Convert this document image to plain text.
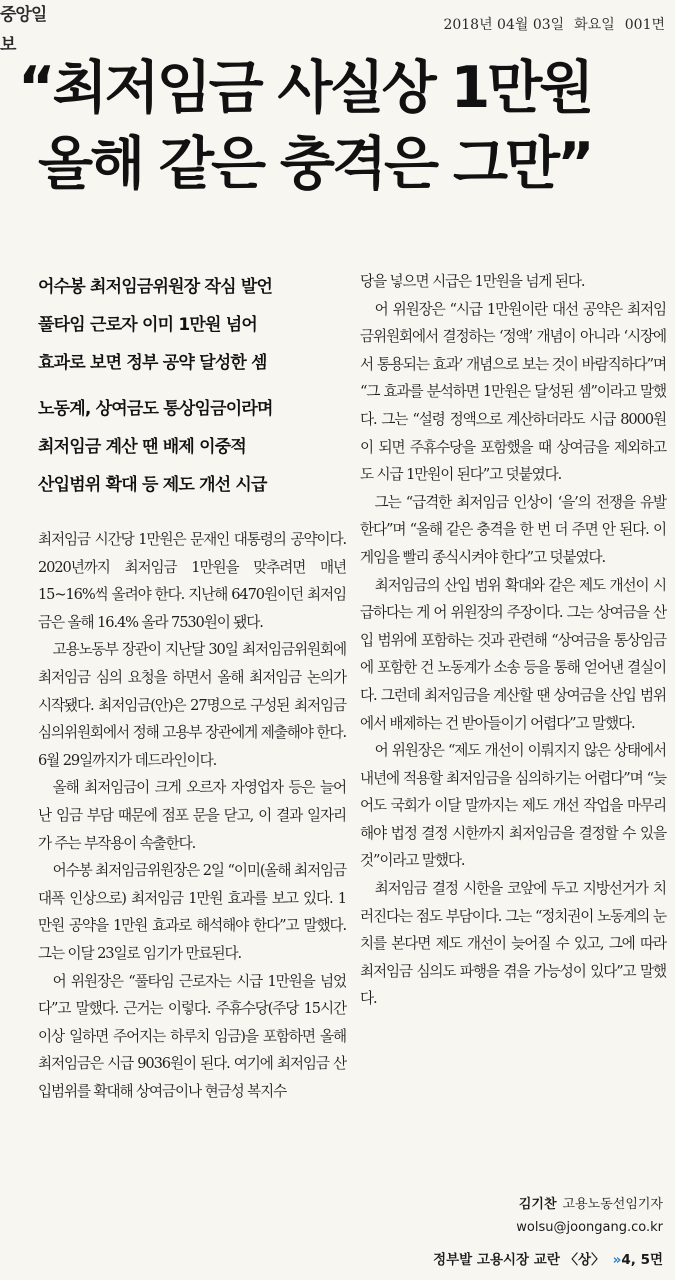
중앙일보
2018년 04월 03일 화요일 001면
“최저임금 사실상 1만원
올해 같은 충격은 그만”
어수봉 최저임금위원장 작심 발언
풀타임 근로자 이미 1만원 넘어
효과로 보면 정부 공약 달성한 셈
노동계, 상여금도 통상임금이라며
최저임금 계산 땐 배제 이중적
산입범위 확대 등 제도 개선 시급

최저임금 시간당 1만원은 문재인 대통령의 공약이다. 2020년까지 최저임금 1만원을 맞추려면 매년 15~16%씩 올려야 한다. 지난해 6470원이던 최저임금은 올해 16.4% 올라 7530원이 됐다.

고용노동부 장관이 지난달 30일 최저임금위원회에 최저임금 심의 요청을 하면서 올해 최저임금 논의가 시작됐다. 최저임금(안)은 27명으로 구성된 최저임금심의위원회에서 정해 고용부 장관에게 제출해야 한다. 6월 29일까지가 데드라인이다.

올해 최저임금이 크게 오르자 자영업자 등은 늘어난 임금 부담 때문에 점포 문을 닫고, 이 결과 일자리가 주는 부작용이 속출한다.

어수봉 최저임금위원장은 2일 “이미(올해 최저임금 대폭 인상으로) 최저임금 1만원 효과를 보고 있다. 1만원 공약을 1만원 효과로 해석해야 한다”고 말했다. 그는 이달 23일로 임기가 만료된다.

어 위원장은 “풀타임 근로자는 시급 1만원을 넘었다”고 말했다. 근거는 이렇다. 주휴수당(주당 15시간 이상 일하면 주어지는 하루치 임금)을 포함하면 올해 최저임금은 시급 9036원이 된다. 여기에 최저임금 산입범위를 확대해 상여금이나 현금성 복지수

당을 넣으면 시급은 1만원을 넘게 된다.

어 위원장은 “시급 1만원이란 대선 공약은 최저임금위원회에서 결정하는 ‘정액’ 개념이 아니라 ‘시장에서 통용되는 효과’ 개념으로 보는 것이 바람직하다”며 “그 효과를 분석하면 1만원은 달성된 셈”이라고 말했다. 그는 “설령 정액으로 계산하더라도 시급 8000원이 되면 주휴수당을 포함했을 때 상여금을 제외하고도 시급 1만원이 된다”고 덧붙였다.

그는 “급격한 최저임금 인상이 ‘을’의 전쟁을 유발한다”며 “올해 같은 충격을 한 번 더 주면 안 된다. 이 게임을 빨리 종식시켜야 한다”고 덧붙였다.

최저임금의 산입 범위 확대와 같은 제도 개선이 시급하다는 게 어 위원장의 주장이다. 그는 상여금을 산입 범위에 포함하는 것과 관련해 “상여금을 통상임금에 포함한 건 노동계가 소송 등을 통해 얻어낸 결실이다. 그런데 최저임금을 계산할 땐 상여금을 산입 범위에서 배제하는 건 받아들이기 어렵다”고 말했다.

어 위원장은 “제도 개선이 이뤄지지 않은 상태에서 내년에 적용할 최저임금을 심의하기는 어렵다”며 “늦어도 국회가 이달 말까지는 제도 개선 작업을 마무리해야 법정 결정 시한까지 최저임금을 결정할 수 있을 것”이라고 말했다.

최저임금 결정 시한을 코앞에 두고 지방선거가 치러진다는 점도 부담이다. 그는 “정치권이 노동계의 눈치를 본다면 제도 개선이 늦어질 수 있고, 그에 따라 최저임금 심의도 파행을 겪을 가능성이 있다”고 말했다.

김기찬 고용노동선임기자
wolsu@joongang.co.kr
정부발 고용시장 교란 〈상〉 » 4, 5면
